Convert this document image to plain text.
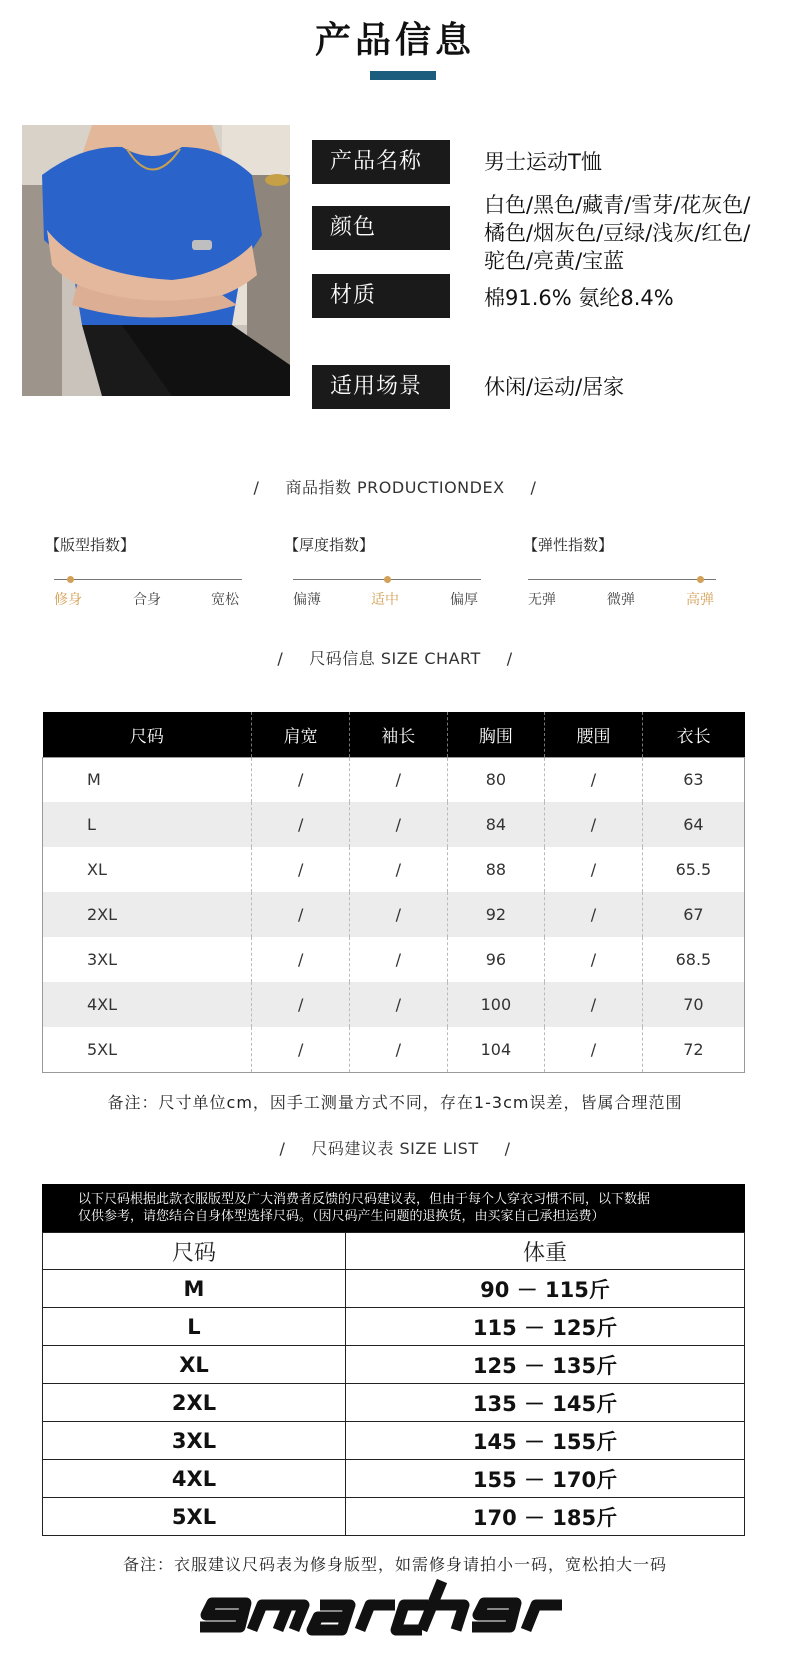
产品信息
产品名称	男士运动T恤
颜色
白色/黑色/藏青/雪芽/花灰色/
橘色/烟灰色/豆绿/浅灰/红色/
驼色/亮黄/宝蓝
材质	棉91.6% 氨纶8.4%
适用场景	休闲/运动/居家
/ 商品指数 PRODUCTIONDEX /
【版型指数】
修身	合身	宽松
【厚度指数】
偏薄	适中	偏厚
【弹性指数】
无弹	微弹	高弹
/ 尺码信息 SIZE CHART /
尺码	肩宽	袖长	胸围	腰围	衣长
M	/	/	80	/	63
L	/	/	84	/	64
XL	/	/	88	/	65.5
2XL	/	/	92	/	67
3XL	/	/	96	/	68.5
4XL	/	/	100	/	70
5XL	/	/	104	/	72
备注：尺寸单位cm，因手工测量方式不同，存在1-3cm误差，皆属合理范围
/ 尺码建议表 SIZE LIST /
以下尺码根据此款衣服版型及广大消费者反馈的尺码建议表，但由于每个人穿衣习惯不同，以下数据
仅供参考，请您结合自身体型选择尺码。（因尺码产生问题的退换货，由买家自己承担运费）
尺码	体重
M	90 － 115斤
L	115 － 125斤
XL	125 － 135斤
2XL	135 － 145斤
3XL	145 － 155斤
4XL	155 － 170斤
5XL	170 － 185斤
备注：衣服建议尺码表为修身版型，如需修身请拍小一码，宽松拍大一码
